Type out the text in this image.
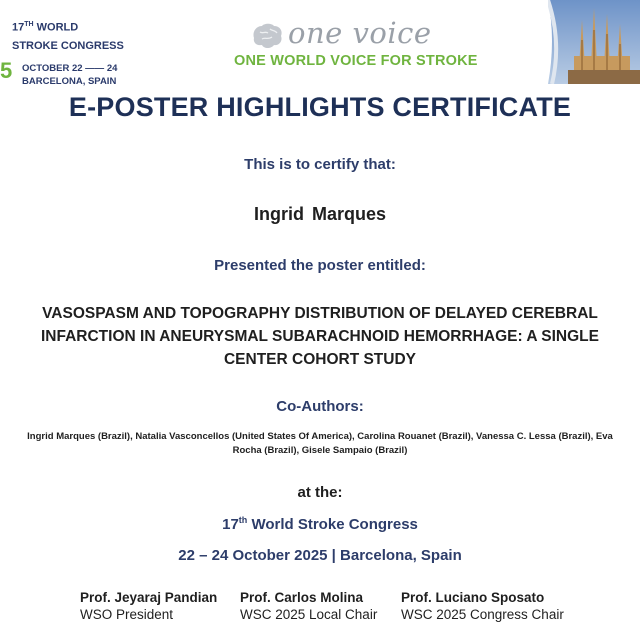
17TH WORLD
STROKE CONGRESS
5 OCTOBER 22 —— 24
BARCELONA, SPAIN
one voice
ONE WORLD VOICE FOR STROKE
E-POSTER HIGHLIGHTS CERTIFICATE
This is to certify that:
Ingrid Marques
Presented the poster entitled:
VASOSPASM AND TOPOGRAPHY DISTRIBUTION OF DELAYED CEREBRAL INFARCTION IN ANEURYSMAL SUBARACHNOID HEMORRHAGE: A SINGLE CENTER COHORT STUDY
Co-Authors:
Ingrid Marques (Brazil), Natalia Vasconcellos (United States Of America), Carolina Rouanet (Brazil), Vanessa C. Lessa (Brazil), Eva Rocha (Brazil), Gisele Sampaio (Brazil)
at the:
17th World Stroke Congress
22 – 24 October 2025 | Barcelona, Spain
Prof. Jeyaraj Pandian
WSO President
Prof. Carlos Molina
WSC 2025 Local Chair
Prof. Luciano Sposato
WSC 2025 Congress Chair
